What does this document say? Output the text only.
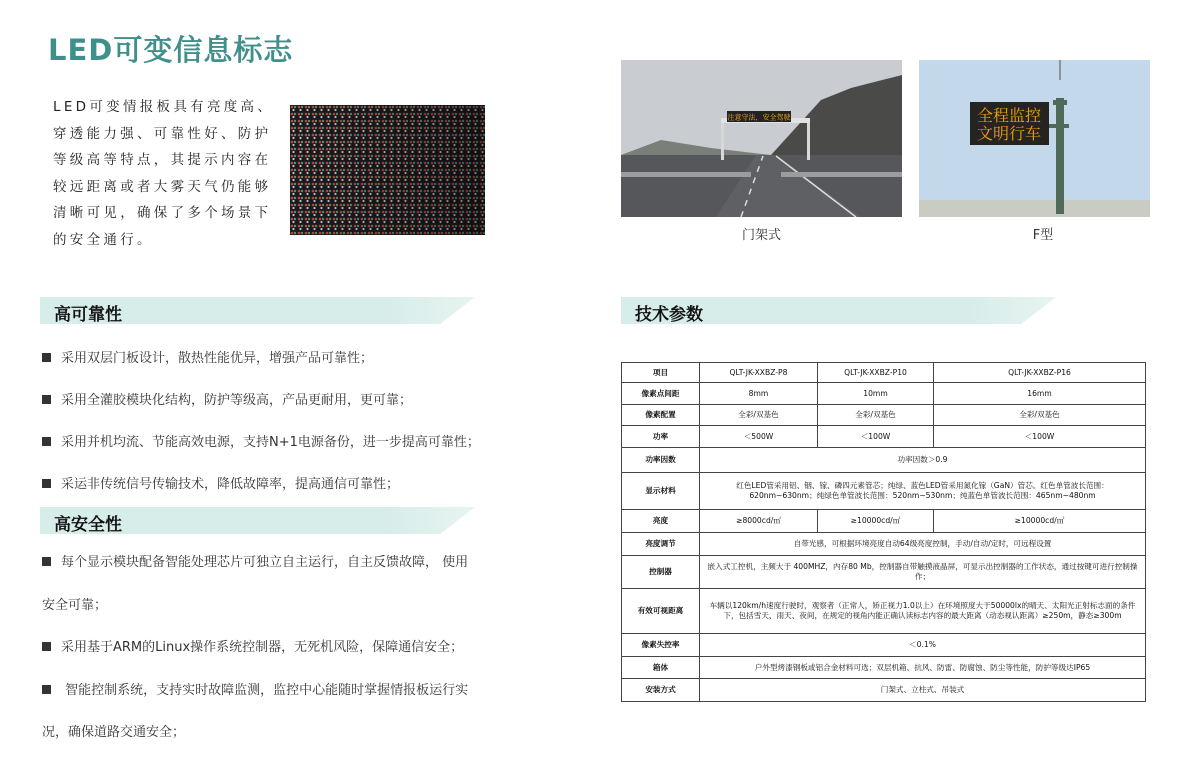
LED可变信息标志
LED可变情报板具有亮度高、穿透能力强、可靠性好、防护等级高等特点，其提示内容在较远距离或者大雾天气仍能够清晰可见，确保了多个场景下的安全通行。
注意守法，安全驾驶
门架式
全程监控
文明行车
F型
高可靠性
采用双层门板设计，散热性能优异，增强产品可靠性；
采用全灌胶模块化结构，防护等级高，产品更耐用，更可靠；
采用并机均流、节能高效电源，支持N+1电源备份，进一步提高可靠性；
采运非传统信号传输技术，降低故障率，提高通信可靠性；
高安全性
每个显示模块配备智能处理芯片可独立自主运行，自主反馈故障， 使用
安全可靠；
采用基于ARM的Linux操作系统控制器，无死机风险，保障通信安全；
智能控制系统，支持实时故障监测，监控中心能随时掌握情报板运行实
况，确保道路交通安全；
技术参数
项目	QLT-JK-XXBZ-P8	QLT-JK-XXBZ-P10	QLT-JK-XXBZ-P16
像素点间距	8mm	10mm	16mm
像素配置	全彩/双基色	全彩/双基色	全彩/双基色
功率	＜500W	＜100W	＜100W
功率因数	功率因数＞0.9		
显示材料	红色LED管采用铝、铟、镓、磷四元素管芯；纯绿、蓝色LED管采用氮化镓（GaN）管芯。红色单管波长范围：620nm~630nm；纯绿色单管波长范围：520nm~530nm；纯蓝色单管波长范围：465nm~480nm		
亮度	≥8000cd/㎡	≥10000cd/㎡	≥10000cd/㎡
亮度调节	自带光感，可根据环境亮度自动64级亮度控制，手动/自动/定时，可远程设置		
控制器	嵌入式工控机，主频大于 400MHZ，内存80 Mb，控制器自带触摸液晶屏，可显示出控制器的工作状态，通过按键可进行控制操作；		
有效可视距离	车辆以120km/h速度行驶时，观察者（正常人，矫正视力1.0以上）在环境照度大于50000lx的晴天、太阳光正射标志面的条件下，包括雪天、雨天、夜间，在规定的视角内能正确认读标志内容的最大距离（动态视认距离）≥250m，静态≥300m		
像素失控率	＜0.1%		
箱体	户外型烤漆钢板或铝合金材料可选；双层机箱、抗风、防雷、防腐蚀、防尘等性能，防护等级达IP65		
安装方式	门架式、立柱式、吊装式		
